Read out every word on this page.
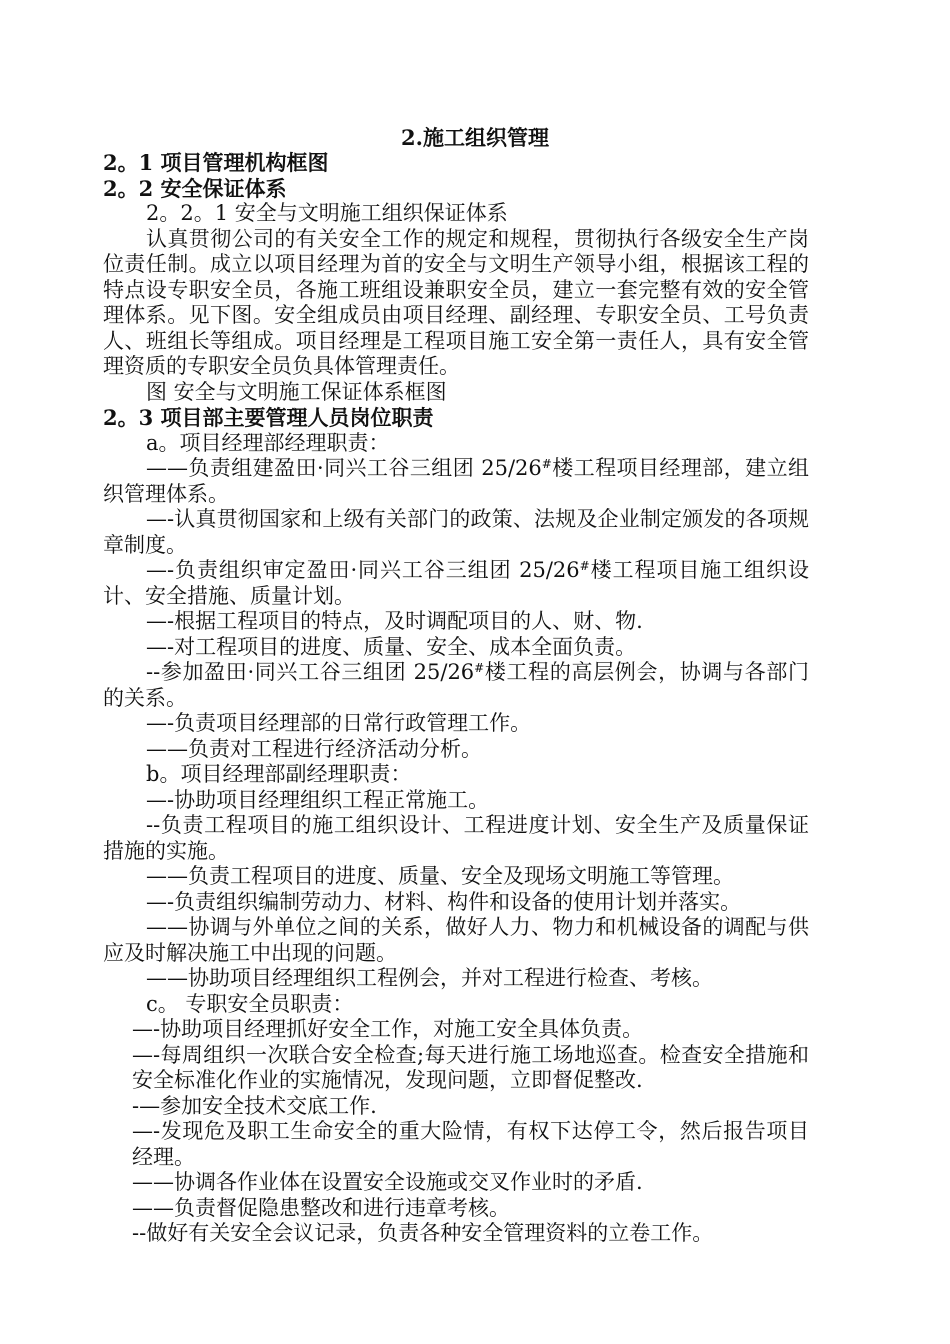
2.施工组织管理

2。1 项目管理机构框图

2。2 安全保证体系

2。2。1 安全与文明施工组织保证体系

认真贯彻公司的有关安全工作的规定和规程，贯彻执行各级安全生产岗位责任制。成立以项目经理为首的安全与文明生产领导小组，根据该工程的特点设专职安全员，各施工班组设兼职安全员，建立一套完整有效的安全管理体系。见下图。安全组成员由项目经理、副经理、专职安全员、工号负责人、班组长等组成。项目经理是工程项目施工安全第一责任人，具有安全管理资质的专职安全员负具体管理责任。

图 安全与文明施工保证体系框图

2。3 项目部主要管理人员岗位职责

a。项目经理部经理职责：

——负责组建盈田·同兴工谷三组团 25/26#楼工程项目经理部，建立组织管理体系。

—-认真贯彻国家和上级有关部门的政策、法规及企业制定颁发的各项规章制度。

—-负责组织审定盈田·同兴工谷三组团 25/26#楼工程项目施工组织设计、安全措施、质量计划。

—-根据工程项目的特点，及时调配项目的人、财、物.

—-对工程项目的进度、质量、安全、成本全面负责。

--参加盈田·同兴工谷三组团 25/26#楼工程的高层例会，协调与各部门的关系。

—-负责项目经理部的日常行政管理工作。

——负责对工程进行经济活动分析。

b。项目经理部副经理职责：

—-协助项目经理组织工程正常施工。

--负责工程项目的施工组织设计、工程进度计划、安全生产及质量保证措施的实施。

——负责工程项目的进度、质量、安全及现场文明施工等管理。

—-负责组织编制劳动力、材料、构件和设备的使用计划并落实。

——协调与外单位之间的关系，做好人力、物力和机械设备的调配与供应及时解决施工中出现的问题。

——协助项目经理组织工程例会，并对工程进行检查、考核。

c。 专职安全员职责：

—-协助项目经理抓好安全工作，对施工安全具体负责。

—-每周组织一次联合安全检查;每天进行施工场地巡查。检查安全措施和安全标准化作业的实施情况，发现问题，立即督促整改.

-—参加安全技术交底工作.

—-发现危及职工生命安全的重大险情，有权下达停工令，然后报告项目经理。

——协调各作业体在设置安全设施或交叉作业时的矛盾.

——负责督促隐患整改和进行违章考核。

--做好有关安全会议记录，负责各种安全管理资料的立卷工作。
